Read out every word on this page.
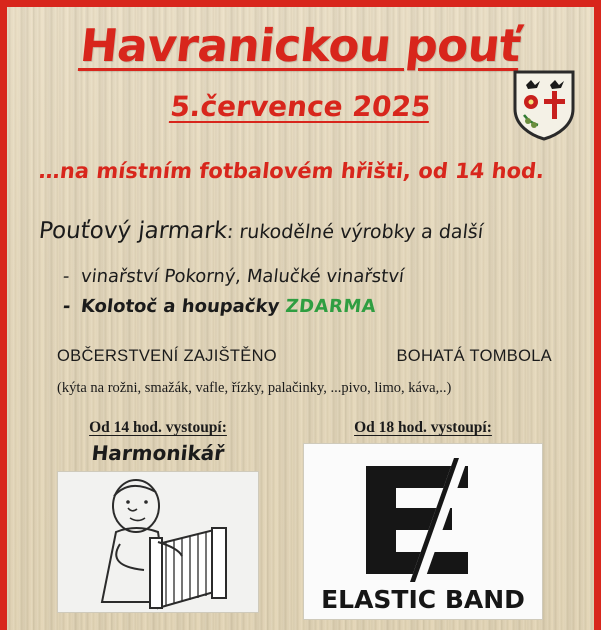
Havranickou pouť
5.července 2025
…na místním fotbalovém hřišti, od 14 hod.
Pouťový jarmark: rukodělné výrobky a další
- vinařství Pokorný, Malučké vinařství
- Kolotoč a houpačky ZDARMA
OBČERSTVENÍ ZAJIŠTĚNO	BOHATÁ TOMBOLA
(kýta na rožni, smažák, vafle, řízky, palačinky, ...pivo, limo, káva,..)
Od 14 hod. vystoupí:
Harmonikář
Od 18 hod. vystoupí:
ELASTIC BAND
